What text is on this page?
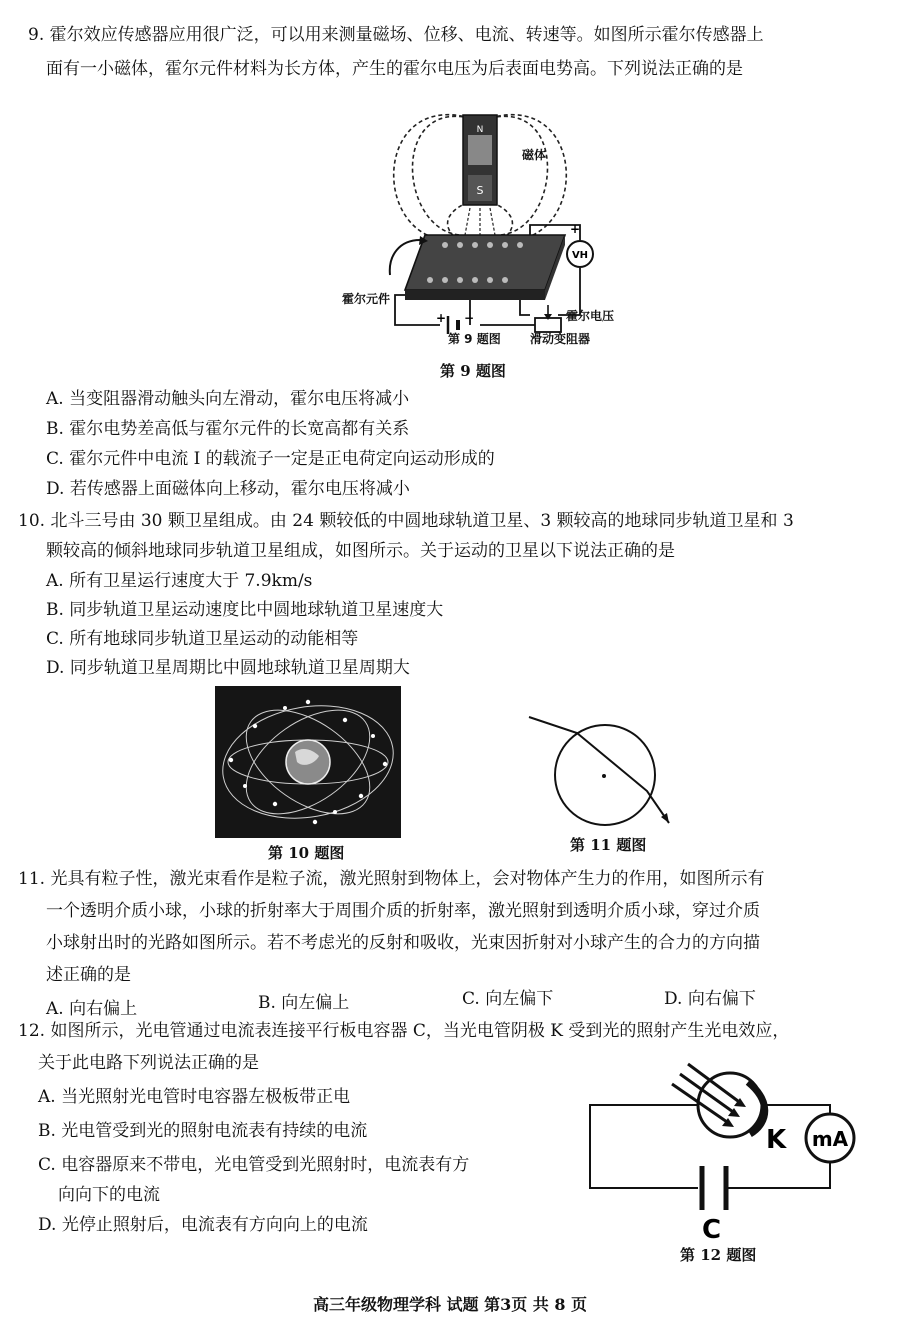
9. 霍尔效应传感器应用很广泛，可以用来测量磁场、位移、电流、转速等。如图所示霍尔传感器上
面有一小磁体，霍尔元件材料为长方体，产生的霍尔电压为后表面电势高。下列说法正确的是
N
S
VH
+
+ −
磁体
霍尔元件
霍尔电压
滑动变阻器
第 9 题图
第 9 题图
A. 当变阻器滑动触头向左滑动，霍尔电压将减小
B. 霍尔电势差高低与霍尔元件的长宽高都有关系
C. 霍尔元件中电流 I 的载流子一定是正电荷定向运动形成的
D. 若传感器上面磁体向上移动，霍尔电压将减小
10. 北斗三号由 30 颗卫星组成。由 24 颗较低的中圆地球轨道卫星、3 颗较高的地球同步轨道卫星和 3
颗较高的倾斜地球同步轨道卫星组成，如图所示。关于运动的卫星以下说法正确的是
A. 所有卫星运行速度大于 7.9km/s
B. 同步轨道卫星运动速度比中圆地球轨道卫星速度大
C. 所有地球同步轨道卫星运动的动能相等
D. 同步轨道卫星周期比中圆地球轨道卫星周期大
第 10 题图	第 11 题图
11. 光具有粒子性，激光束看作是粒子流，激光照射到物体上，会对物体产生力的作用，如图所示有
一个透明介质小球，小球的折射率大于周围介质的折射率，激光照射到透明介质小球，穿过介质
小球射出时的光路如图所示。若不考虑光的反射和吸收，光束因折射对小球产生的合力的方向描
述正确的是
A. 向右偏上	B. 向左偏上	C. 向左偏下	D. 向右偏下
12. 如图所示，光电管通过电流表连接平行板电容器 C，当光电管阴极 K 受到光的照射产生光电效应，
关于此电路下列说法正确的是
A. 当光照射光电管时电容器左极板带正电
B. 光电管受到光的照射电流表有持续的电流
C. 电容器原来不带电，光电管受到光照射时，电流表有方
向向下的电流
D. 光停止照射后，电流表有方向向上的电流
K mA
C
第 12 题图
高三年级物理学科 试题 第3页 共 8 页
